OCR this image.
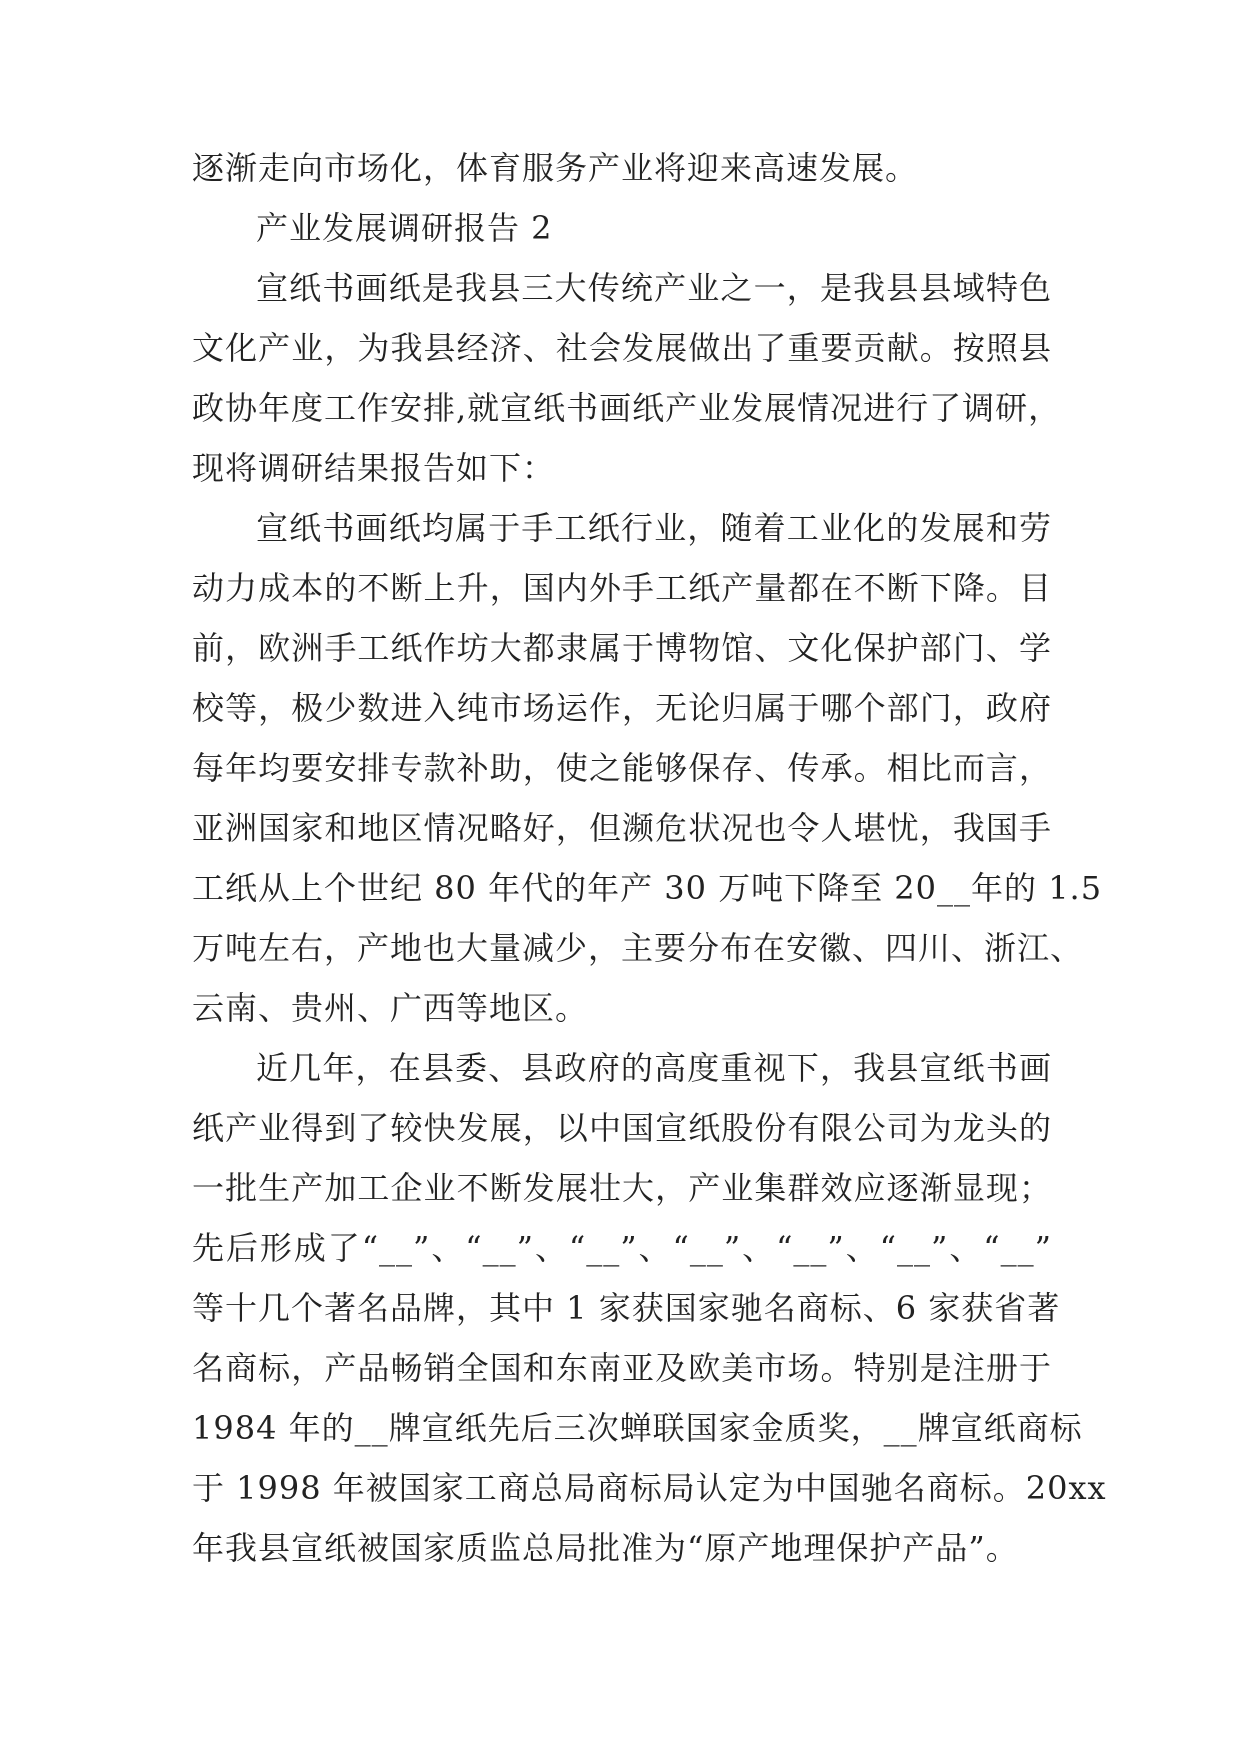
逐渐走向市场化，体育服务产业将迎来高速发展。
产业发展调研报告 2
宣纸书画纸是我县三大传统产业之一，是我县县域特色
文化产业，为我县经济、社会发展做出了重要贡献。按照县
政协年度工作安排,就宣纸书画纸产业发展情况进行了调研，
现将调研结果报告如下：
宣纸书画纸均属于手工纸行业，随着工业化的发展和劳
动力成本的不断上升，国内外手工纸产量都在不断下降。目
前，欧洲手工纸作坊大都隶属于博物馆、文化保护部门、学
校等，极少数进入纯市场运作，无论归属于哪个部门，政府
每年均要安排专款补助，使之能够保存、传承。相比而言，
亚洲国家和地区情况略好，但濒危状况也令人堪忧，我国手
工纸从上个世纪 80 年代的年产 30 万吨下降至 20__年的 1.5
万吨左右，产地也大量减少，主要分布在安徽、四川、浙江、
云南、贵州、广西等地区。
近几年，在县委、县政府的高度重视下，我县宣纸书画
纸产业得到了较快发展，以中国宣纸股份有限公司为龙头的
一批生产加工企业不断发展壮大，产业集群效应逐渐显现；
先后形成了“__”、“__”、“__”、“__”、“__”、“__”、“__”
等十几个著名品牌，其中 1 家获国家驰名商标、6 家获省著
名商标，产品畅销全国和东南亚及欧美市场。特别是注册于
1984 年的__牌宣纸先后三次蝉联国家金质奖，__牌宣纸商标
于 1998 年被国家工商总局商标局认定为中国驰名商标。20xx
年我县宣纸被国家质监总局批准为“原产地理保护产品”。
